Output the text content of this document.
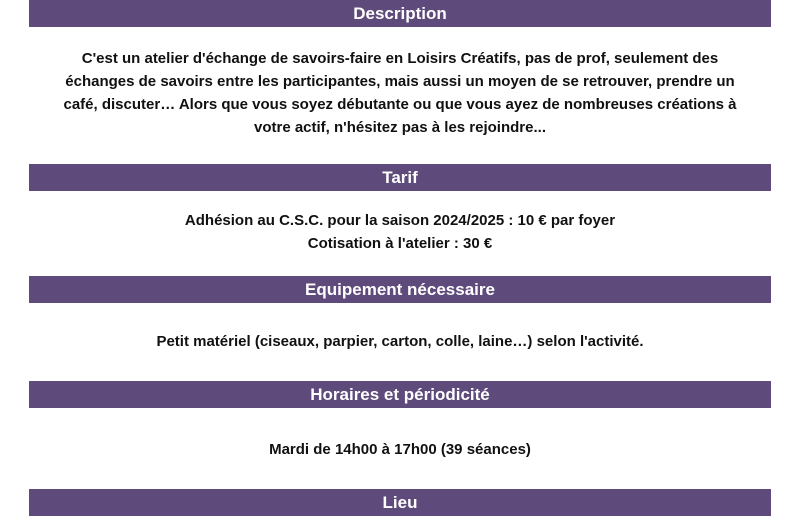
Description
C'est un atelier d'échange de savoirs-faire en Loisirs Créatifs, pas de prof, seulement des
échanges de savoirs entre les participantes, mais aussi un moyen de se retrouver, prendre un
café, discuter… Alors que vous soyez débutante ou que vous ayez de nombreuses créations à
votre actif, n'hésitez pas à les rejoindre...
Tarif
Adhésion au C.S.C. pour la saison 2024/2025 : 10 € par foyer
Cotisation à l'atelier : 30 €
Equipement nécessaire
Petit matériel (ciseaux, parpier, carton, colle, laine…) selon l'activité.
Horaires et périodicité
Mardi de 14h00 à 17h00 (39 séances)
Lieu
